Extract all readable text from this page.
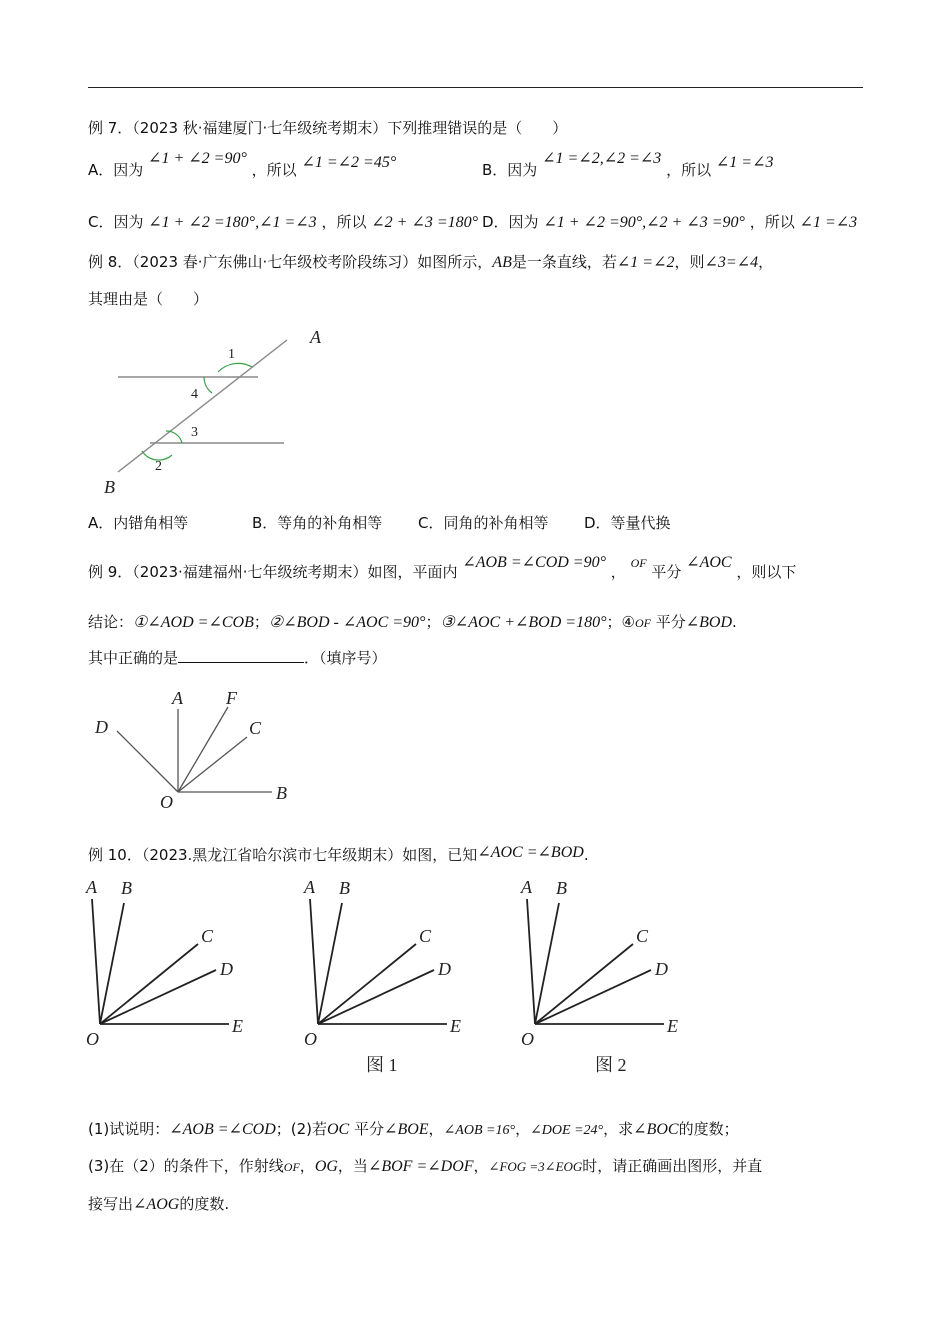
例 7．（2023 秋·福建厦门·七年级统考期末）下列推理错误的是（　　）
A．因为 ∠1 + ∠2 =90° ，所以 ∠1 =∠2 =45°	B．因为 ∠1 =∠2,∠2 =∠3 ，所以 ∠1 =∠3
C．因为 ∠1 + ∠2 =180°,∠1 =∠3 ，所以 ∠2 + ∠3 =180° D．因为 ∠1 + ∠2 =90°,∠2 + ∠3 =90° ，所以 ∠1 =∠3
例 8．（2023 春·广东佛山·七年级校考阶段练习）如图所示，AB是一条直线，若∠1 =∠2，则∠3=∠4，
其理由是（　　）
A
B
1
4
3
2
A．内错角相等	B．等角的补角相等 C．同角的补角相等 D．等量代换
例 9．（2023·福建福州·七年级统考期末）如图，平面内 ∠AOB =∠COD =90° ， $^{OF}$ 平分 ∠AOC ，则以下
结论：①∠AOD =∠COB；②∠BOD - ∠AOC =90°；③∠AOC +∠BOD =180°；④OF 平分∠BOD.
其中正确的是	．（填序号）
A F
C
D
B
O
例 10．（2023.黑龙江省哈尔滨市七年级期末）如图，已知∠AOC =∠BOD.
A B
C
D
E
O
A B
C
D
E
O
图 1
A B
C
D
E
O
图 2
(1)试说明：∠AOB =∠COD；(2)若OC 平分∠BOE，∠AOB =16°，∠DOE =24°，求∠BOC的度数；
(3)在（2）的条件下，作射线OF，OG，当∠BOF =∠DOF，∠FOG =3∠EOG时，请正确画出图形，并直
接写出∠AOG的度数.
